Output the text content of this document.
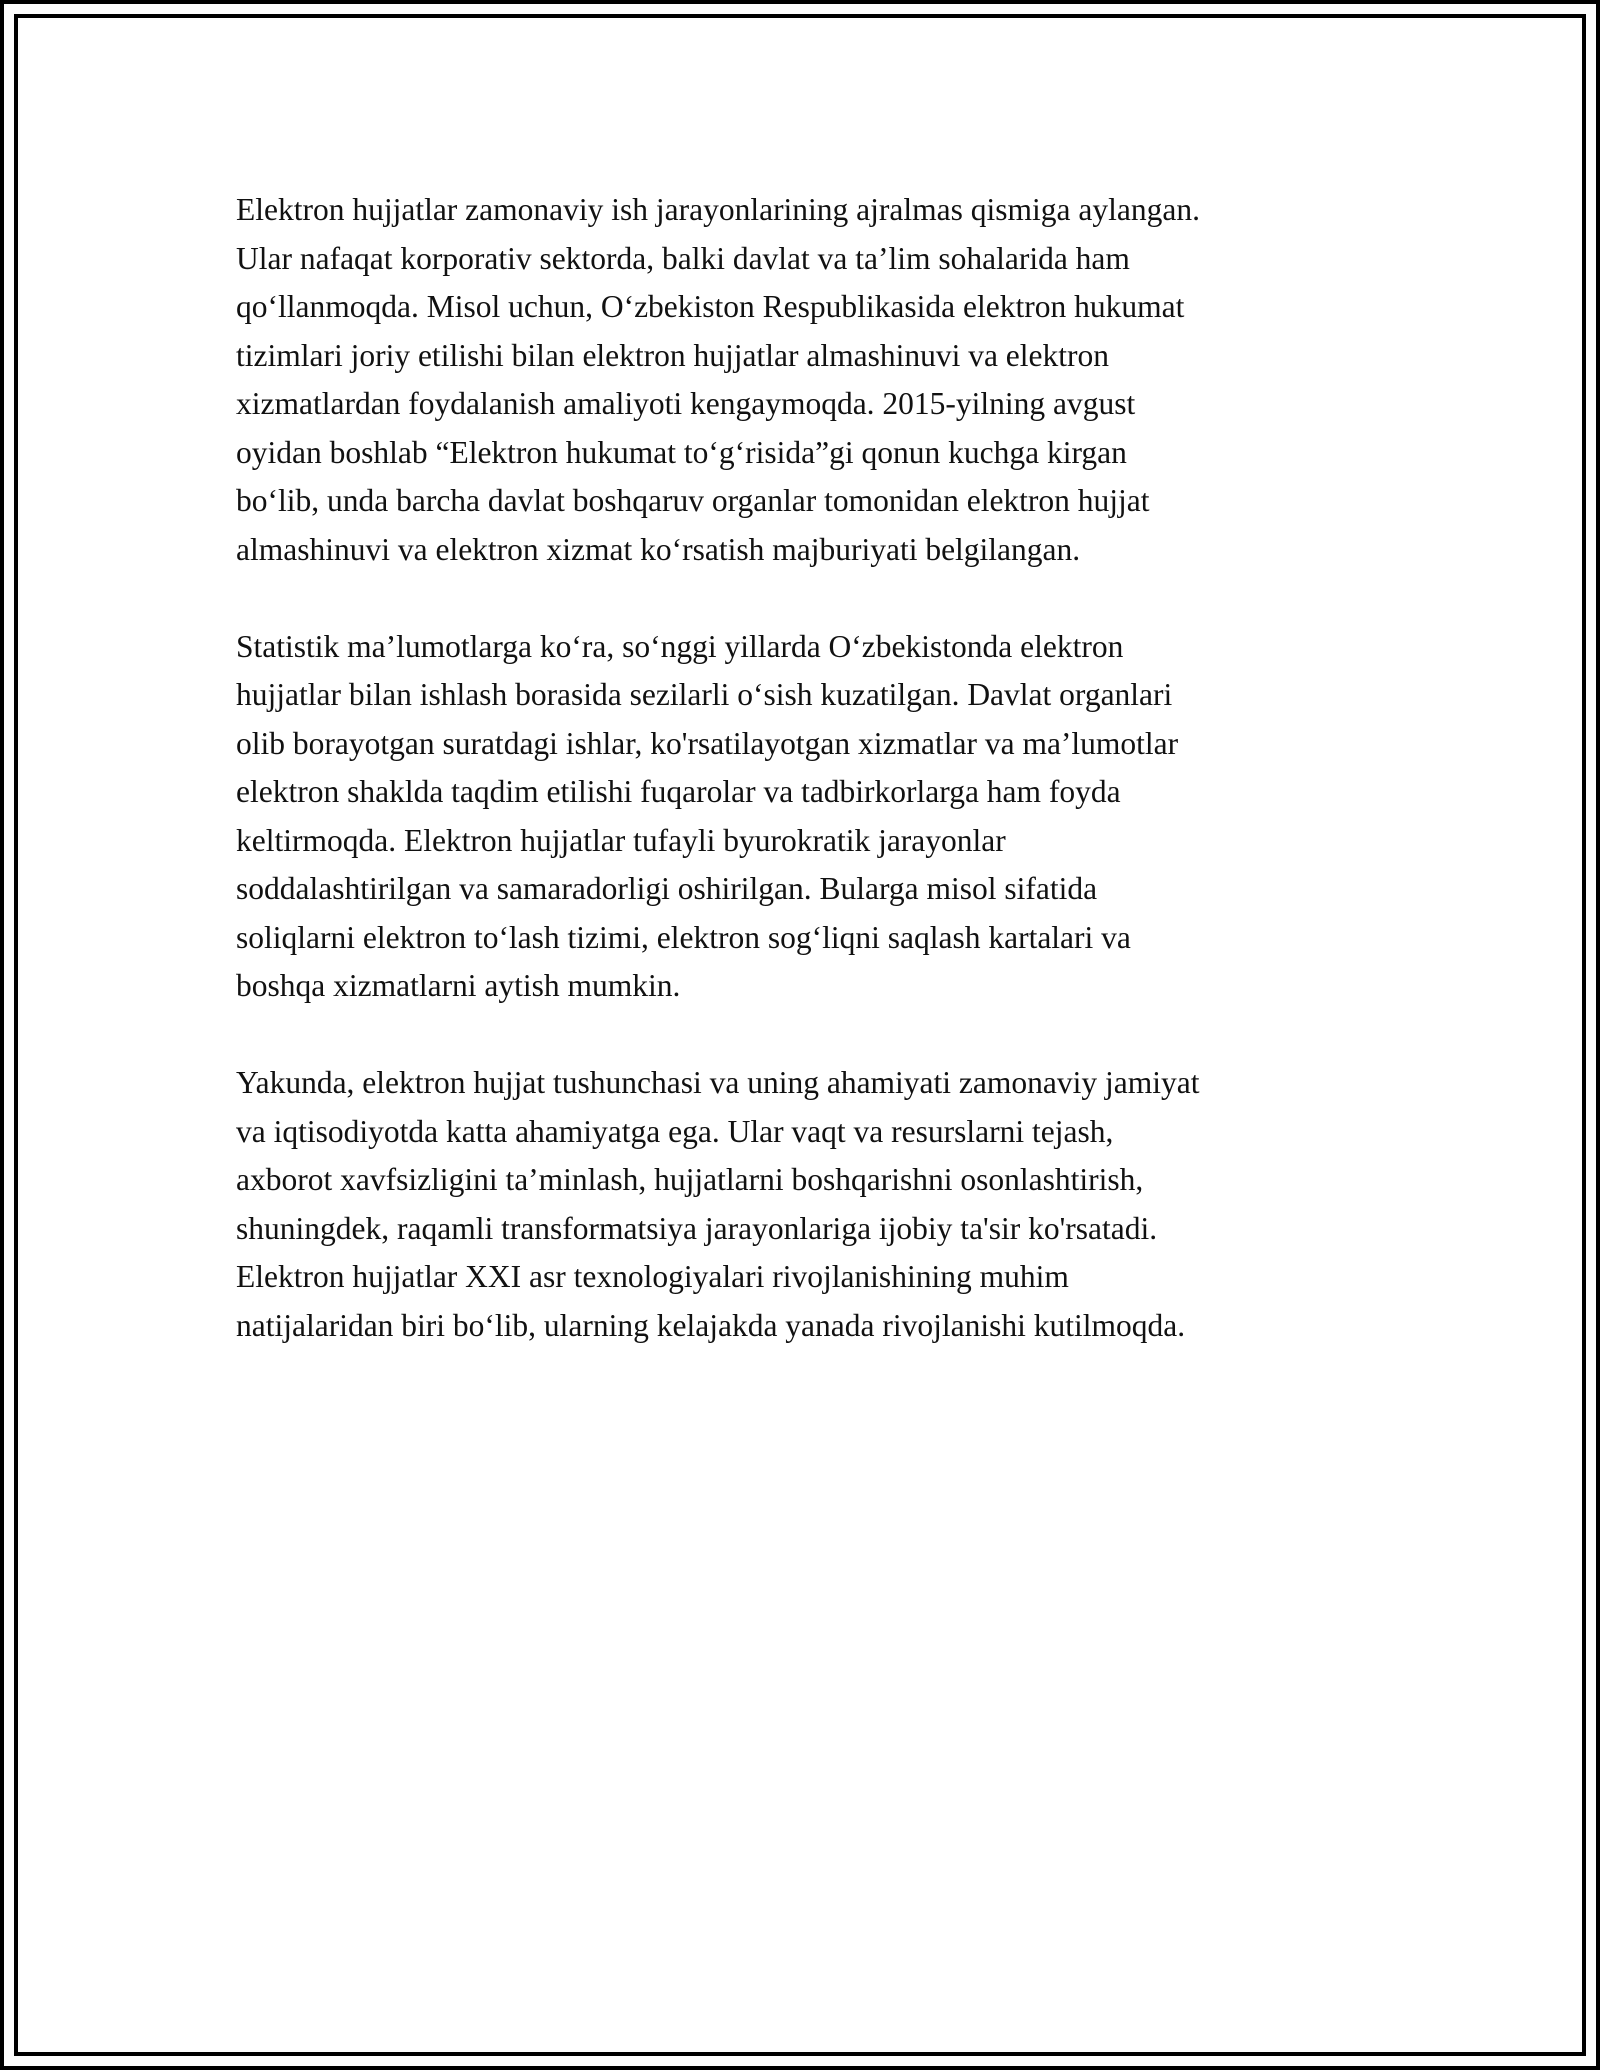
Elektron hujjatlar zamonaviy ish jarayonlarining ajralmas qismiga aylangan.
Ular nafaqat korporativ sektorda, balki davlat va ta’lim sohalarida ham
qoʻllanmoqda. Misol uchun, Oʻzbekiston Respublikasida elektron hukumat
tizimlari joriy etilishi bilan elektron hujjatlar almashinuvi va elektron
xizmatlardan foydalanish amaliyoti kengaymoqda. 2015-yilning avgust
oyidan boshlab “Elektron hukumat toʻgʻrisida”gi qonun kuchga kirgan
boʻlib, unda barcha davlat boshqaruv organlar tomonidan elektron hujjat
almashinuvi va elektron xizmat koʻrsatish majburiyati belgilangan.

Statistik ma’lumotlarga koʻra, soʻnggi yillarda Oʻzbekistonda elektron
hujjatlar bilan ishlash borasida sezilarli oʻsish kuzatilgan. Davlat organlari
olib borayotgan suratdagi ishlar, ko'rsatilayotgan xizmatlar va ma’lumotlar
elektron shaklda taqdim etilishi fuqarolar va tadbirkorlarga ham foyda
keltirmoqda. Elektron hujjatlar tufayli byurokratik jarayonlar
soddalashtirilgan va samaradorligi oshirilgan. Bularga misol sifatida
soliqlarni elektron toʻlash tizimi, elektron sogʻliqni saqlash kartalari va
boshqa xizmatlarni aytish mumkin.

Yakunda, elektron hujjat tushunchasi va uning ahamiyati zamonaviy jamiyat
va iqtisodiyotda katta ahamiyatga ega. Ular vaqt va resurslarni tejash,
axborot xavfsizligini ta’minlash, hujjatlarni boshqarishni osonlashtirish,
shuningdek, raqamli transformatsiya jarayonlariga ijobiy ta'sir ko'rsatadi.
Elektron hujjatlar XXI asr texnologiyalari rivojlanishining muhim
natijalaridan biri boʻlib, ularning kelajakda yanada rivojlanishi kutilmoqda.
